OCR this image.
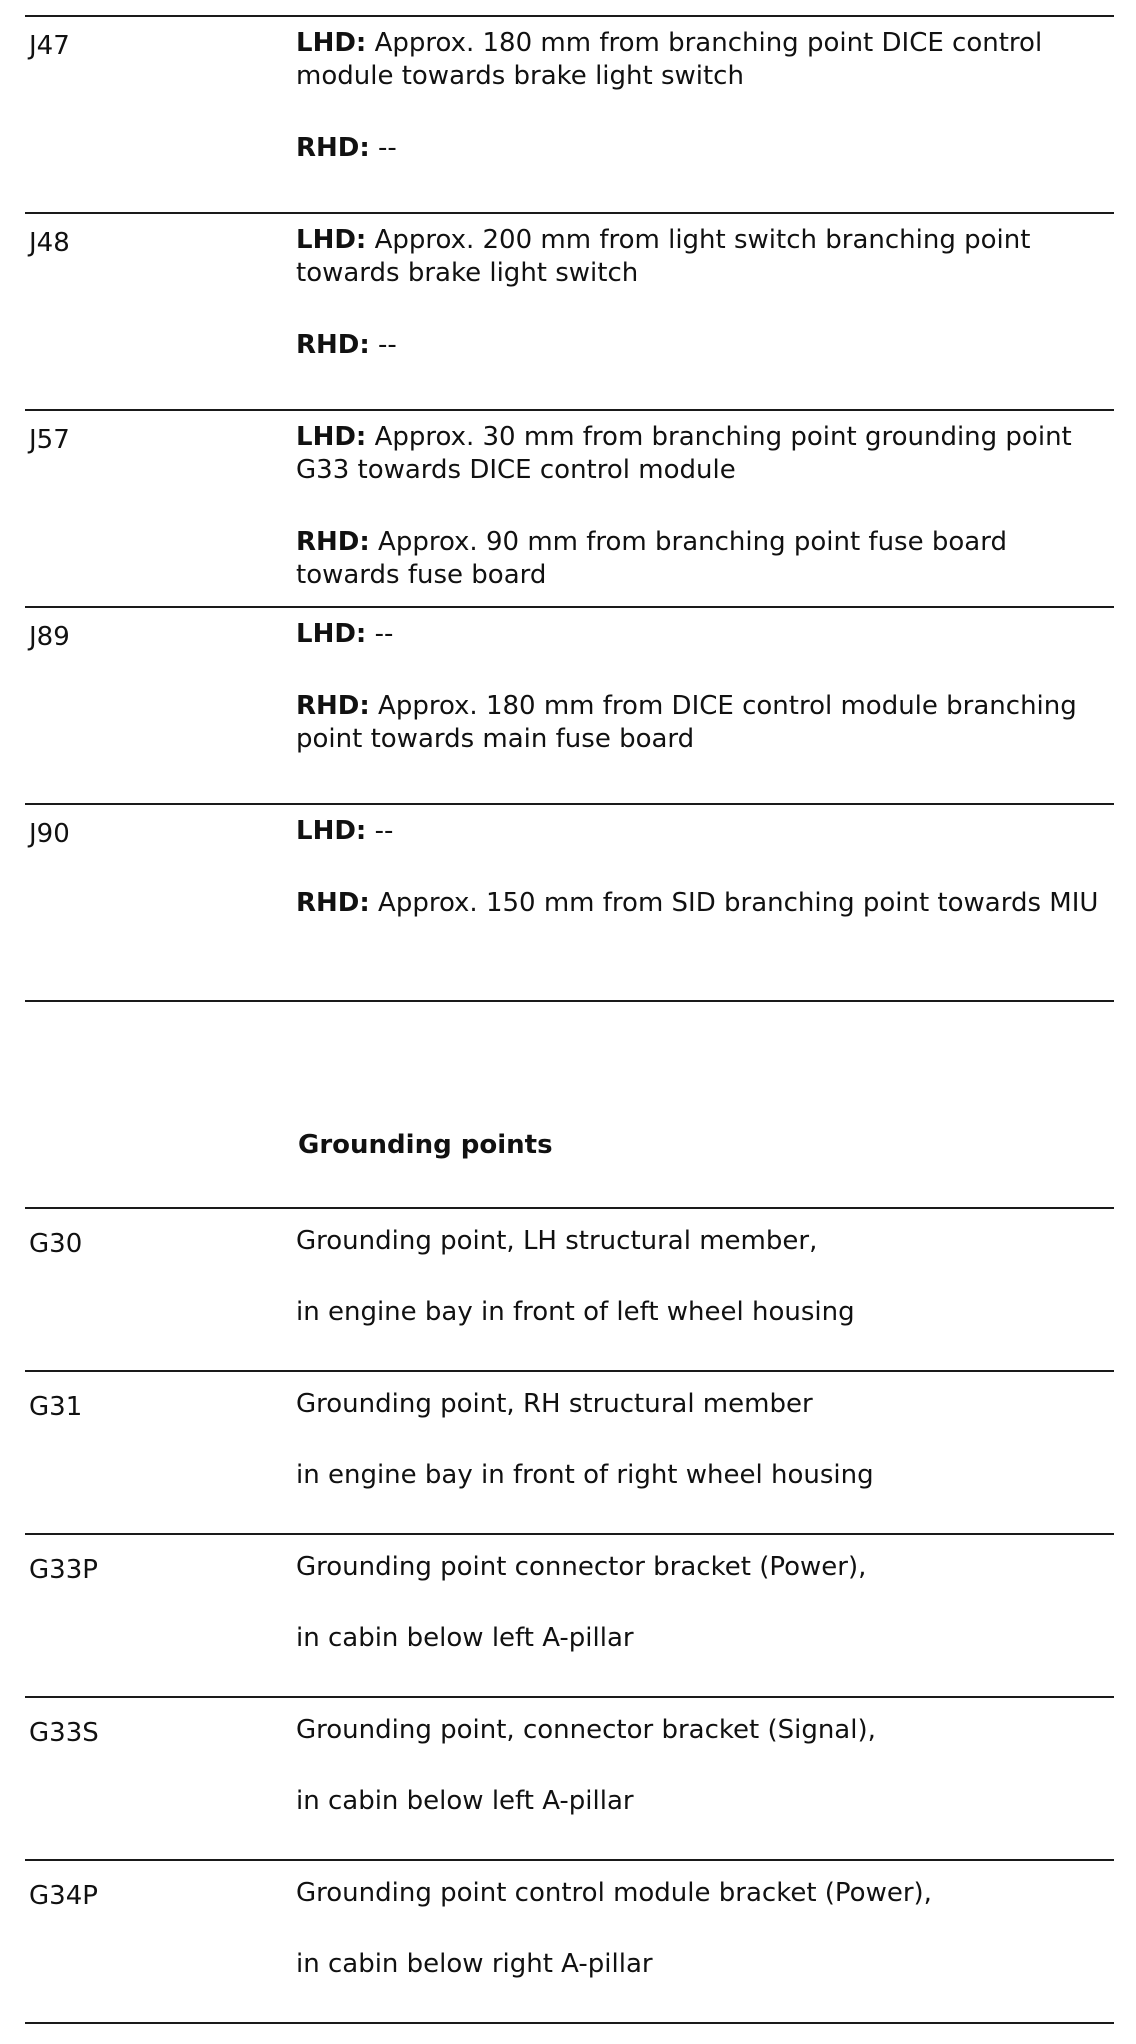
J47	LHD: Approx. 180 mm from branching point DICE control module towards brake light switch

RHD: --

J48	LHD: Approx. 200 mm from light switch branching point towards brake light switch

RHD: --

J57	LHD: Approx. 30 mm from branching point grounding point G33 towards DICE control module

RHD: Approx. 90 mm from branching point fuse board towards fuse board

J89	LHD: --

RHD: Approx. 180 mm from DICE control module branching point towards main fuse board

J90	LHD: --

RHD: Approx. 150 mm from SID branching point towards MIU

Grounding points
G30	Grounding point, LH structural member,

in engine bay in front of left wheel housing

G31	Grounding point, RH structural member

in engine bay in front of right wheel housing

G33P	Grounding point connector bracket (Power),

in cabin below left A-pillar

G33S	Grounding point, connector bracket (Signal),

in cabin below left A-pillar

G34P	Grounding point control module bracket (Power),

in cabin below right A-pillar
